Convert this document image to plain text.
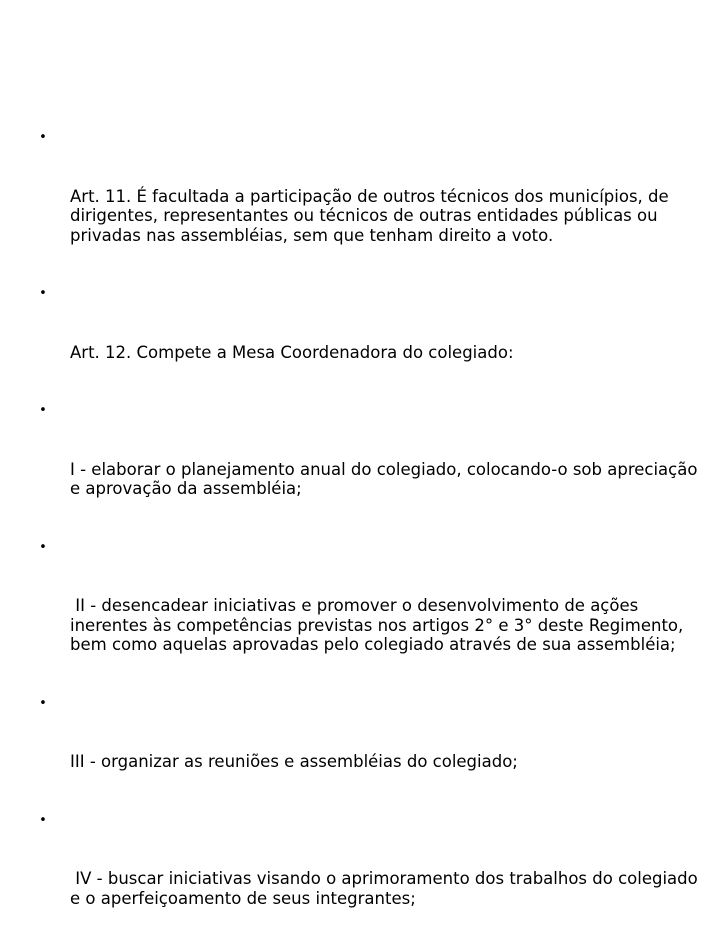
•

Art. 11. É facultada a participação de outros técnicos dos municípios, de dirigentes, representantes ou técnicos de outras entidades públicas ou privadas nas assembléias, sem que tenham direito a voto.

•

Art. 12. Compete a Mesa Coordenadora do colegiado:

•

I - elaborar o planejamento anual do colegiado, colocando-o sob apreciação e aprovação da assembléia;

•

II - desencadear iniciativas e promover o desenvolvimento de ações inerentes às competências previstas nos artigos 2° e 3° deste Regimento, bem como aquelas aprovadas pelo colegiado através de sua assembléia;

•

III - organizar as reuniões e assembléias do colegiado;

•

IV - buscar iniciativas visando o aprimoramento dos trabalhos do colegiado e o aperfeiçoamento de seus integrantes;
